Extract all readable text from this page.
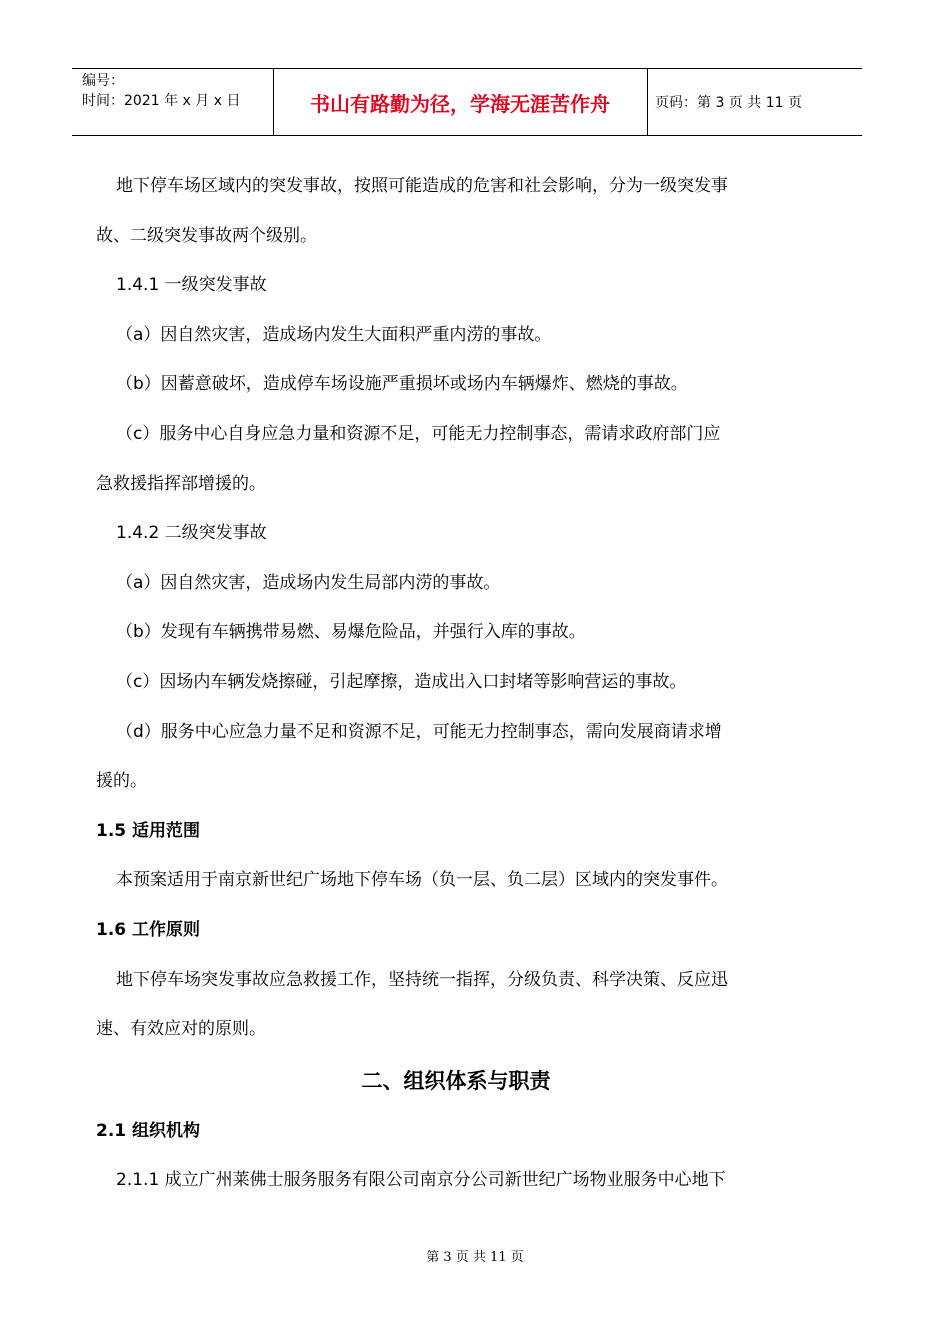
编号：
时间：2021 年 x 月 x 日	书山有路勤为径，学海无涯苦作舟	页码：第 3 页 共 11 页

地下停车场区域内的突发事故，按照可能造成的危害和社会影响，分为一级突发事

故、二级突发事故两个级别。

1.4.1 一级突发事故

（a）因自然灾害，造成场内发生大面积严重内涝的事故。

（b）因蓄意破坏，造成停车场设施严重损坏或场内车辆爆炸、燃烧的事故。

（c）服务中心自身应急力量和资源不足，可能无力控制事态，需请求政府部门应

急救援指挥部增援的。

1.4.2 二级突发事故

（a）因自然灾害，造成场内发生局部内涝的事故。

（b）发现有车辆携带易燃、易爆危险品，并强行入库的事故。

（c）因场内车辆发烧擦碰，引起摩擦，造成出入口封堵等影响营运的事故。

（d）服务中心应急力量不足和资源不足，可能无力控制事态，需向发展商请求增

援的。

1.5 适用范围

本预案适用于南京新世纪广场地下停车场（负一层、负二层）区域内的突发事件。

1.6 工作原则

地下停车场突发事故应急救援工作，坚持统一指挥，分级负责、科学决策、反应迅

速、有效应对的原则。

二、组织体系与职责

2.1 组织机构

2.1.1 成立广州莱佛士服务服务有限公司南京分公司新世纪广场物业服务中心地下

第 3 页 共 11 页
